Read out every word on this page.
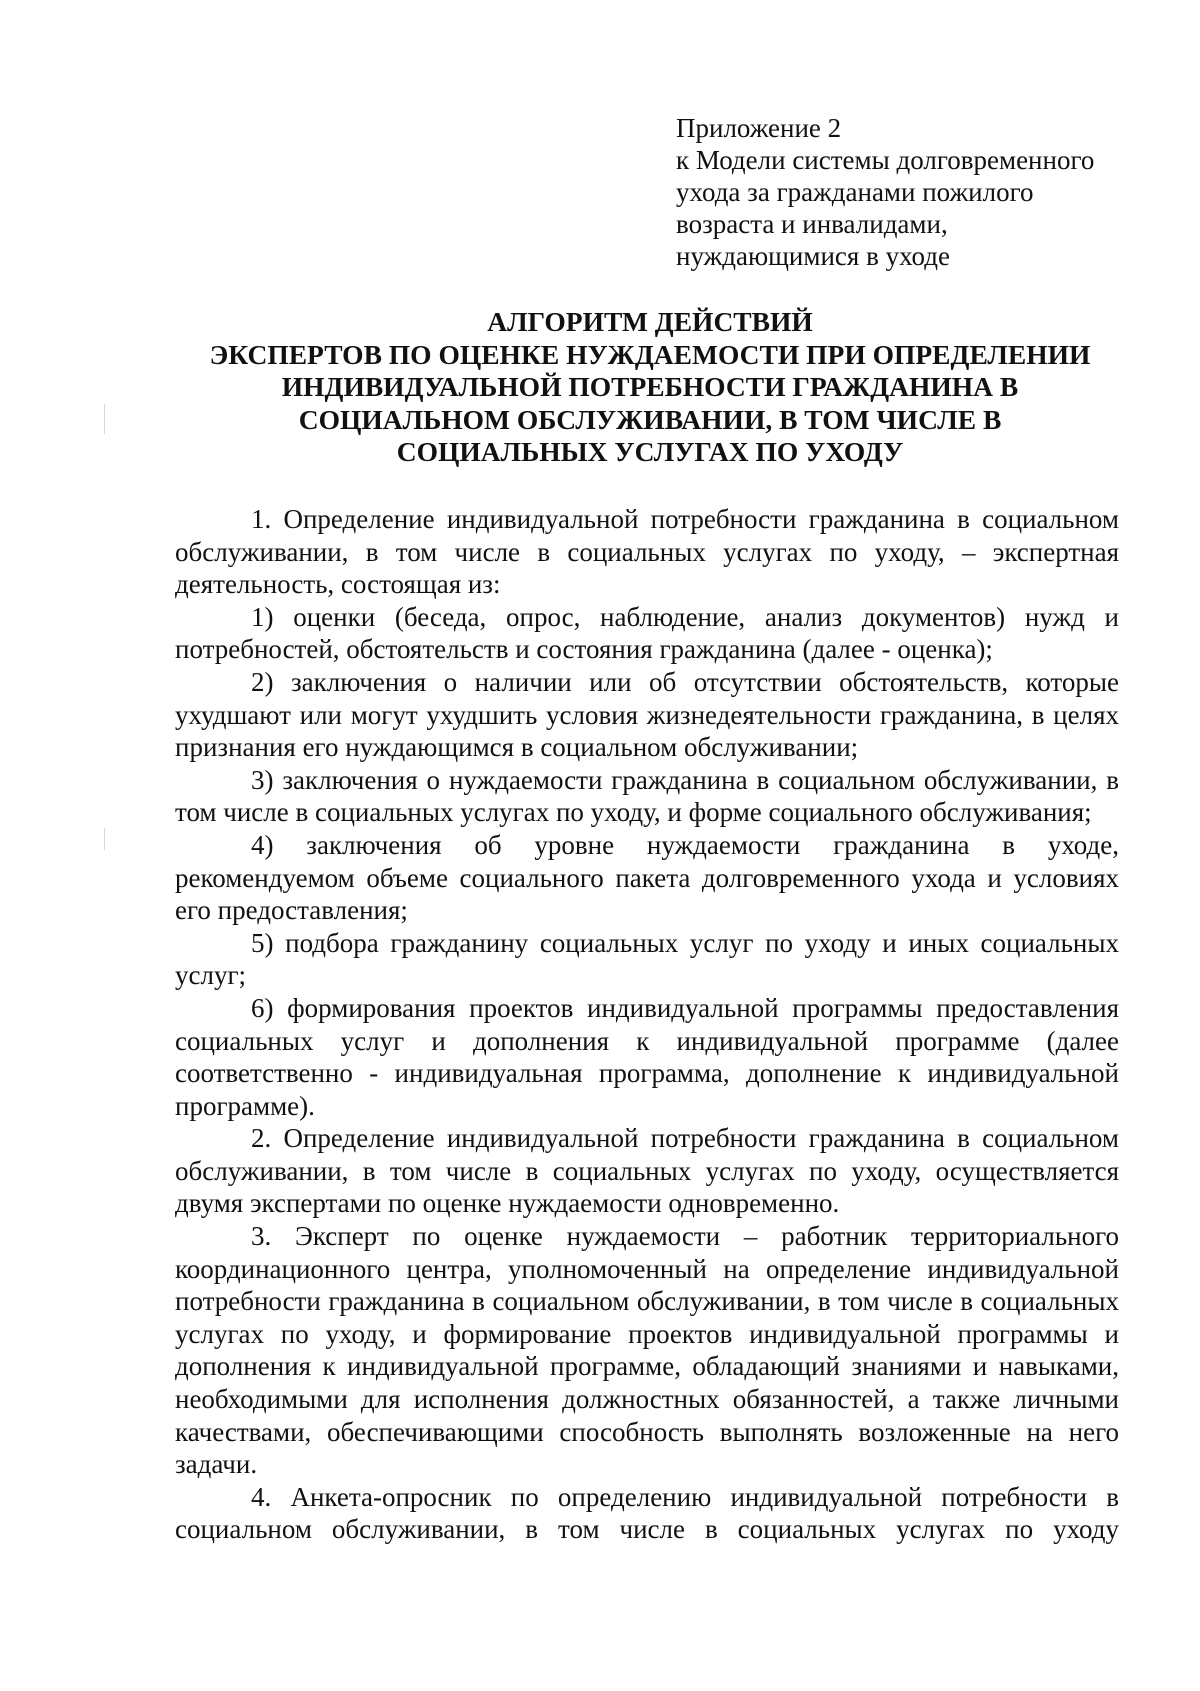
Приложение 2
к Модели системы долговременного
ухода за гражданами пожилого
возраста и инвалидами,
нуждающимися в уходе
АЛГОРИТМ ДЕЙСТВИЙ
ЭКСПЕРТОВ ПО ОЦЕНКЕ НУЖДАЕМОСТИ ПРИ ОПРЕДЕЛЕНИИ
ИНДИВИДУАЛЬНОЙ ПОТРЕБНОСТИ ГРАЖДАНИНА В
СОЦИАЛЬНОМ ОБСЛУЖИВАНИИ, В ТОМ ЧИСЛЕ В
СОЦИАЛЬНЫХ УСЛУГАХ ПО УХОДУ

1. Определение индивидуальной потребности гражданина в социальном обслуживании, в том числе в социальных услугах по уходу, – экспертная деятельность, состоящая из:

1) оценки (беседа, опрос, наблюдение, анализ документов) нужд и потребностей, обстоятельств и состояния гражданина (далее - оценка);

2) заключения о наличии или об отсутствии обстоятельств, которые ухудшают или могут ухудшить условия жизнедеятельности гражданина, в целях признания его нуждающимся в социальном обслуживании;

3) заключения о нуждаемости гражданина в социальном обслуживании, в том числе в социальных услугах по уходу, и форме социального обслуживания;

4) заключения об уровне нуждаемости гражданина в уходе, рекомендуемом объеме социального пакета долговременного ухода и условиях его предоставления;

5) подбора гражданину социальных услуг по уходу и иных социальных услуг;

6) формирования проектов индивидуальной программы предоставления социальных услуг и дополнения к индивидуальной программе (далее соответственно - индивидуальная программа, дополнение к индивидуальной программе).

2. Определение индивидуальной потребности гражданина в социальном обслуживании, в том числе в социальных услугах по уходу, осуществляется двумя экспертами по оценке нуждаемости одновременно.

3. Эксперт по оценке нуждаемости – работник территориального координационного центра, уполномоченный на определение индивидуальной потребности гражданина в социальном обслуживании, в том числе в социальных услугах по уходу, и формирование проектов индивидуальной программы и дополнения к индивидуальной программе, обладающий знаниями и навыками, необходимыми для исполнения должностных обязанностей, а также личными качествами, обеспечивающими способность выполнять возложенные на него задачи.

4. Анкета-опросник по определению индивидуальной потребности в социальном обслуживании, в том числе в социальных услугах по уходу
